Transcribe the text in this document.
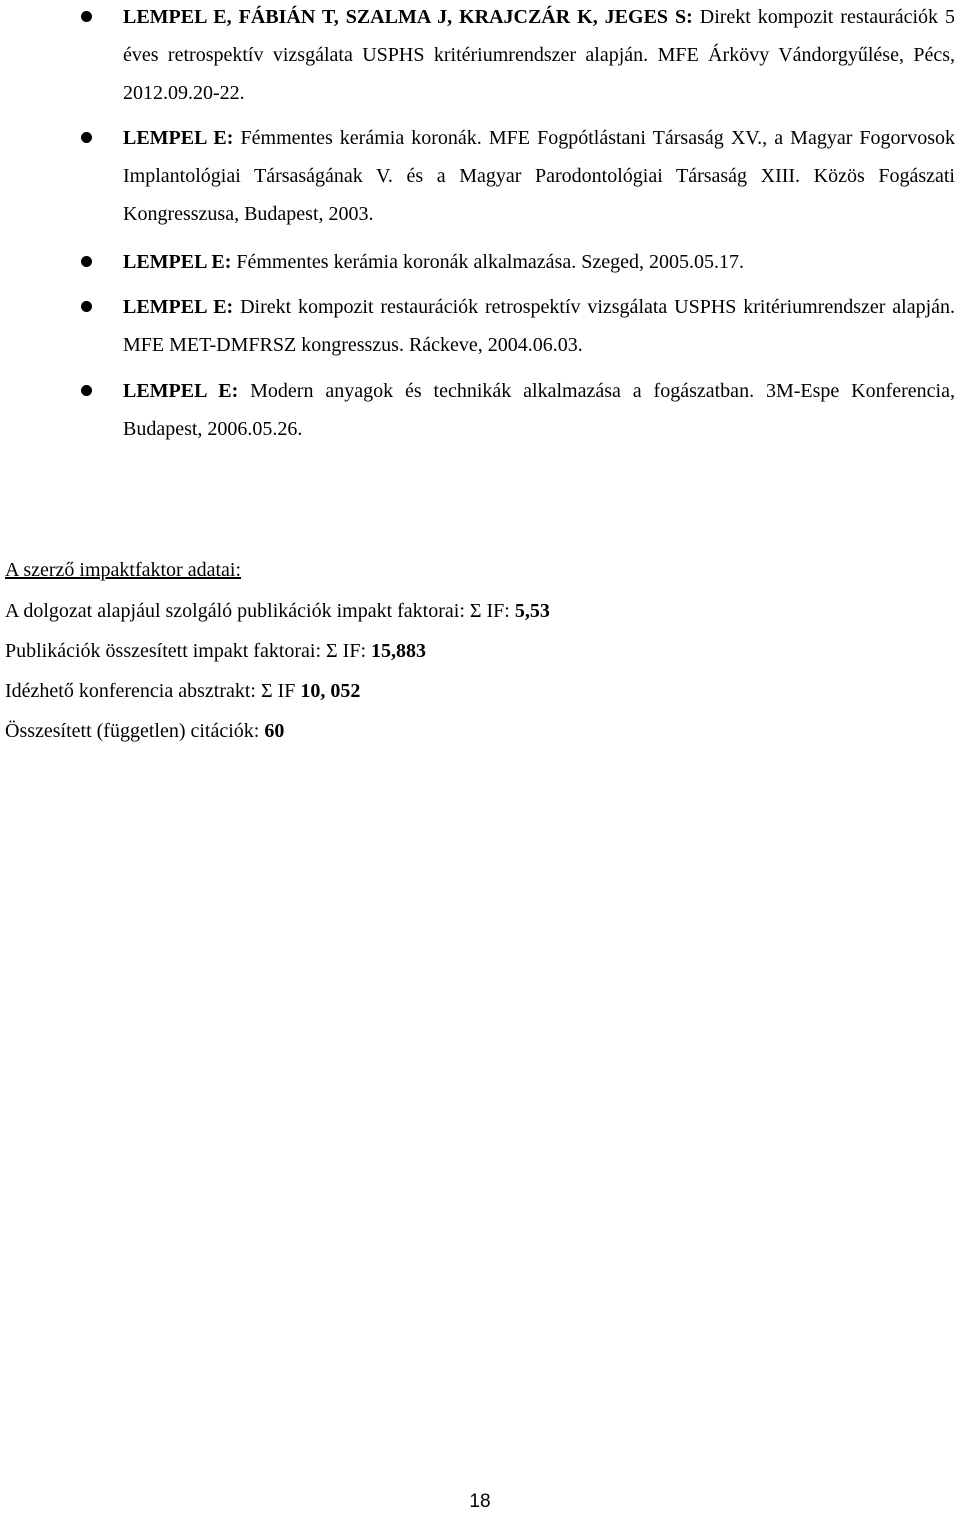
LEMPEL E, FÁBIÁN T, SZALMA J, KRAJCZÁR K, JEGES S: Direkt kompozit restaurációk 5 éves retrospektív vizsgálata USPHS kritériumrendszer alapján. MFE Árkövy Vándorgyűlése, Pécs, 2012.09.20-22.
LEMPEL E: Fémmentes kerámia koronák. MFE Fogpótlástani Társaság XV., a Magyar Fogorvosok Implantológiai Társaságának V. és a Magyar Parodontológiai Társaság XIII. Közös Fogászati Kongresszusa, Budapest, 2003.
LEMPEL E: Fémmentes kerámia koronák alkalmazása. Szeged, 2005.05.17.
LEMPEL E: Direkt kompozit restaurációk retrospektív vizsgálata USPHS kritériumrendszer alapján. MFE MET-DMFRSZ kongresszus. Ráckeve, 2004.06.03.
LEMPEL E: Modern anyagok és technikák alkalmazása a fogászatban. 3M-Espe Konferencia, Budapest, 2006.05.26.
A szerző impaktfaktor adatai:
A dolgozat alapjául szolgáló publikációk impakt faktorai: Σ IF: 5,53
Publikációk összesített impakt faktorai: Σ IF: 15,883
Idézhető konferencia absztrakt: Σ IF 10, 052
Összesített (független) citációk: 60
18
